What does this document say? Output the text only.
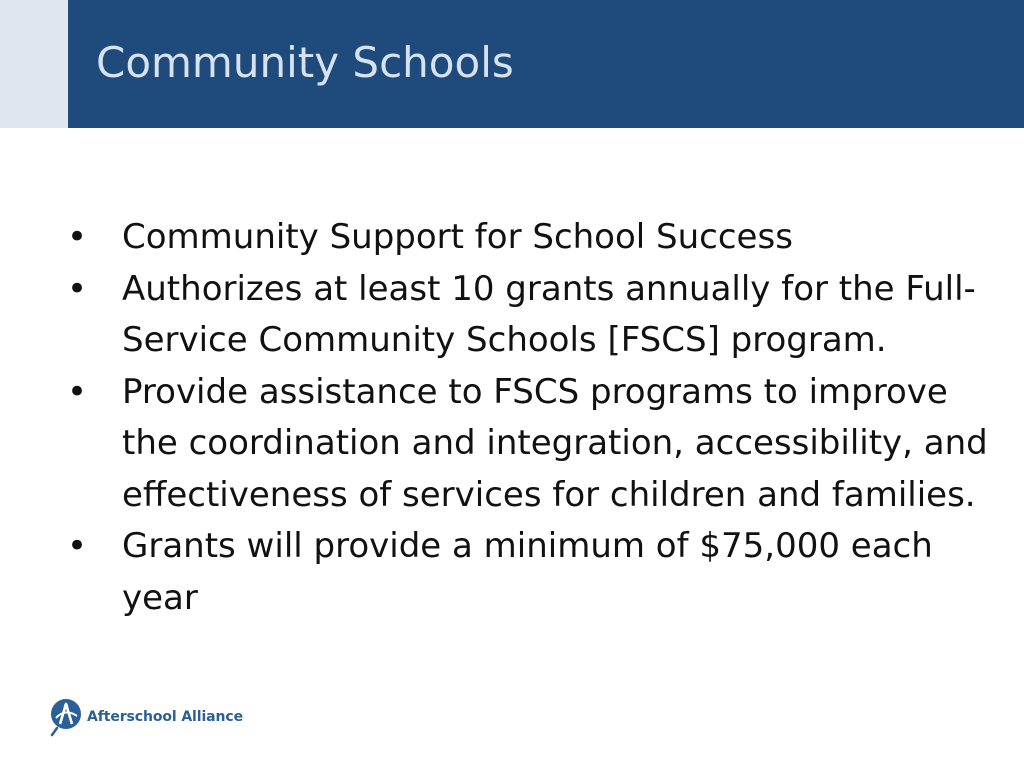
Community Schools
• Community Support for School Success
• Authorizes at least 10 grants annually for the Full-Service Community Schools [FSCS] program.
• Provide assistance to FSCS programs to improve the coordination and integration, accessibility, and effectiveness of services for children and families.
• Grants will provide a minimum of $75,000 each year
Afterschool Alliance
